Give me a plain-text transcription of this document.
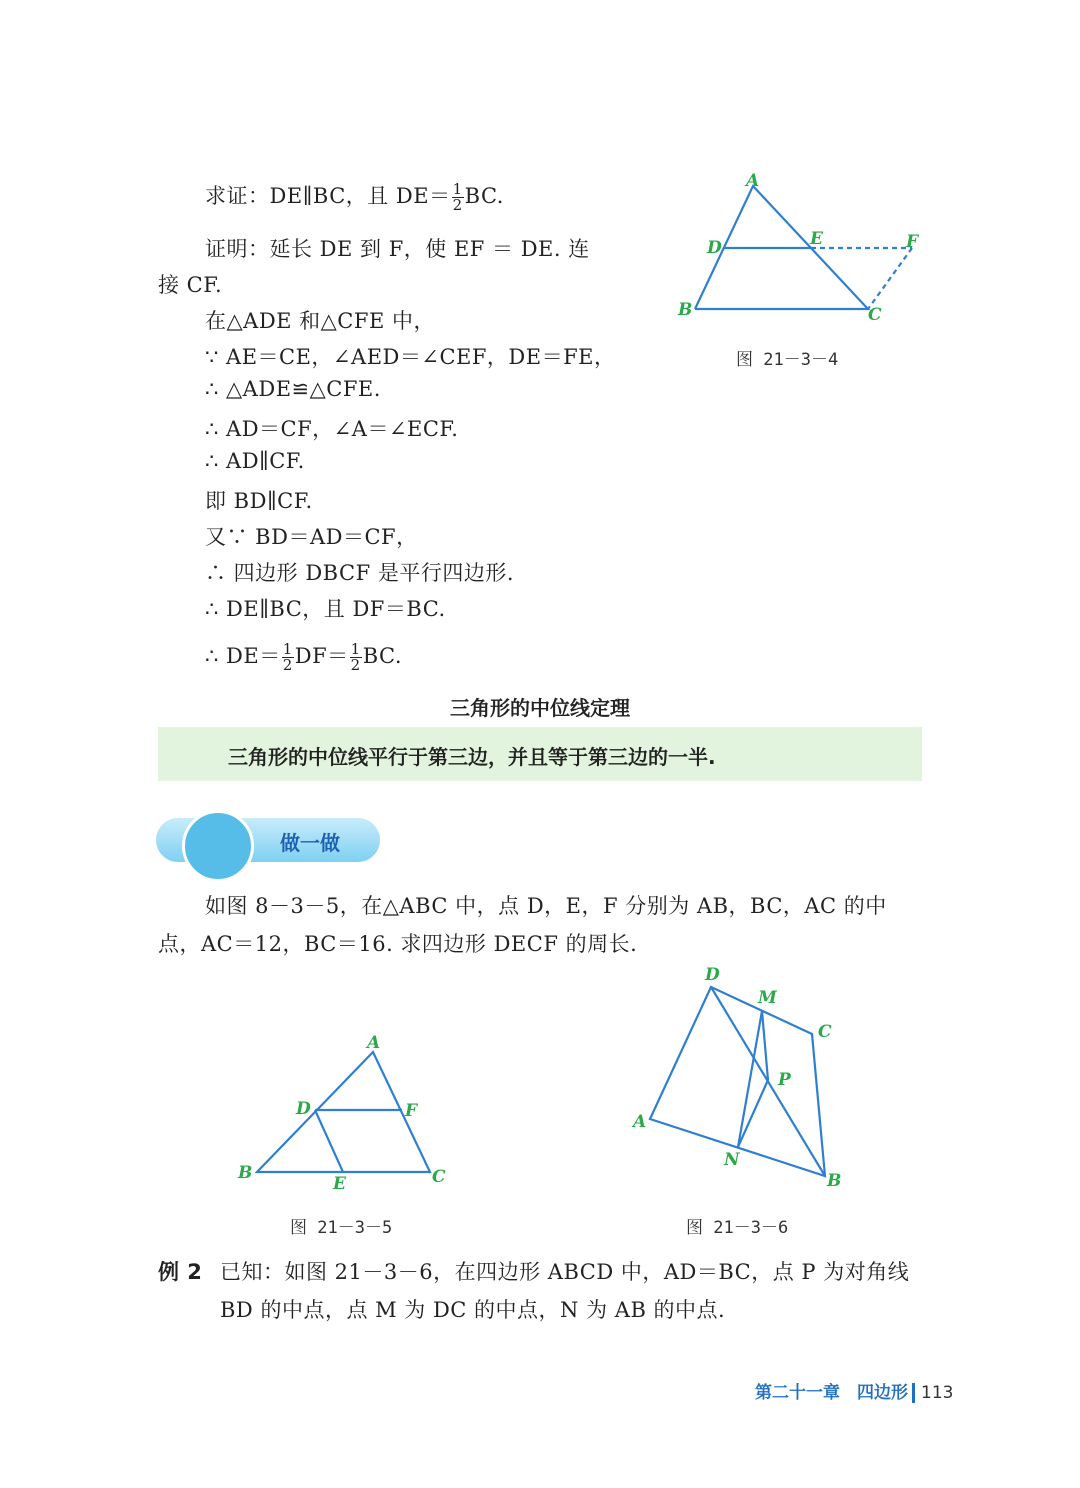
求证：DE∥BC，且 $DE= \frac{1}{2}$ BC.
证明：延长 DE 到 F，使 EF ＝ DE. 连
接 CF.
在△ADE 和△CFE 中，
∵ AE＝CE，∠AED＝∠CEF，DE＝FE，
∴ △ADE≌△CFE.
∴ AD＝CF，∠A＝∠ECF.
∴ AD∥CF.
即 BD∥CF.
又∵ BD＝AD＝CF，
∴ 四边形 DBCF 是平行四边形.
∴ DE∥BC，且 DF＝BC.
∴ $DE= \frac{1}{2} DF= \frac{1}{2}$ BC.
三角形的中位线定理
三角形的中位线平行于第三边，并且等于第三边的一半.
做一做
如图 8－3－5，在△ABC 中，点 D，E，F 分别为 AB，BC，AC 的中
点，AC＝12，BC＝16. 求四边形 DECF 的周长.
A
B	C
D	E	F
A
B	C
D
E
F
A
B
C
D
M
N
P
图 21－3－4
图 21－3－5	图 21－3－6
例 2 已知：如图 21－3－6，在四边形 ABCD 中，AD＝BC，点 P 为对角线
BD 的中点，点 M 为 DC 的中点，N 为 AB 的中点.
第二十一章　四边形 113
